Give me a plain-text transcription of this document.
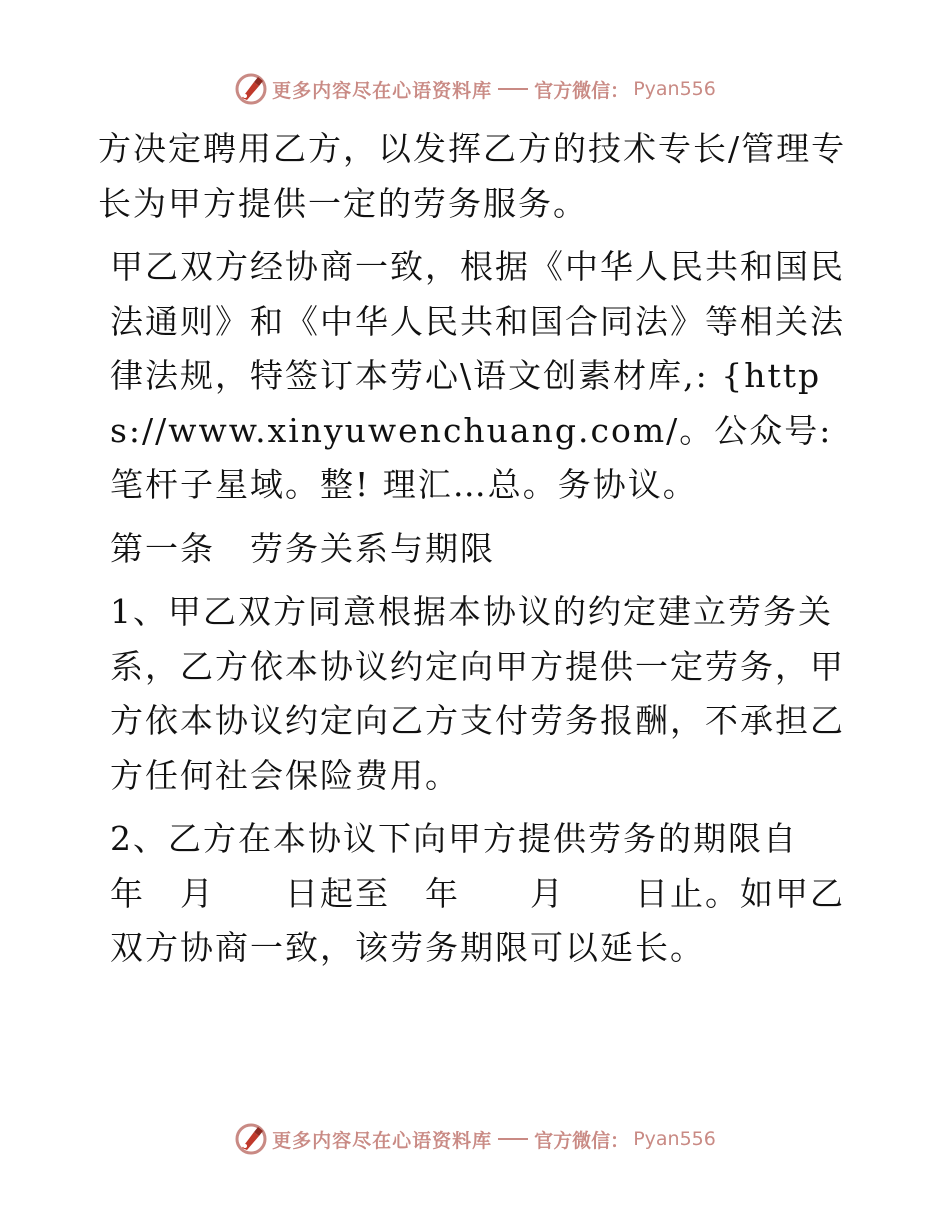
更多内容尽在心语资料库 官方微信： Pyan556

方决定聘用乙方，以发挥乙方的技术专长/管理专长为甲方提供一定的劳务服务。

甲乙双方经协商一致，根据《中华人民共和国民法通则》和《中华人民共和国合同法》等相关法律法规，特签订本劳心\语文创素材库,: {https://www.xinyuwenchuang.com/。公众号: 笔杆子星域。整! 理汇…总。务协议。

第一条　劳务关系与期限

1、甲乙双方同意根据本协议的约定建立劳务关系，乙方依本协议约定向甲方提供一定劳务，甲方依本协议约定向乙方支付劳务报酬，不承担乙方任何社会保险费用。

2、乙方在本协议下向甲方提供劳务的期限自　年　月　　日起至　年　　月　　日止。如甲乙双方协商一致，该劳务期限可以延长。

更多内容尽在心语资料库 官方微信： Pyan556
